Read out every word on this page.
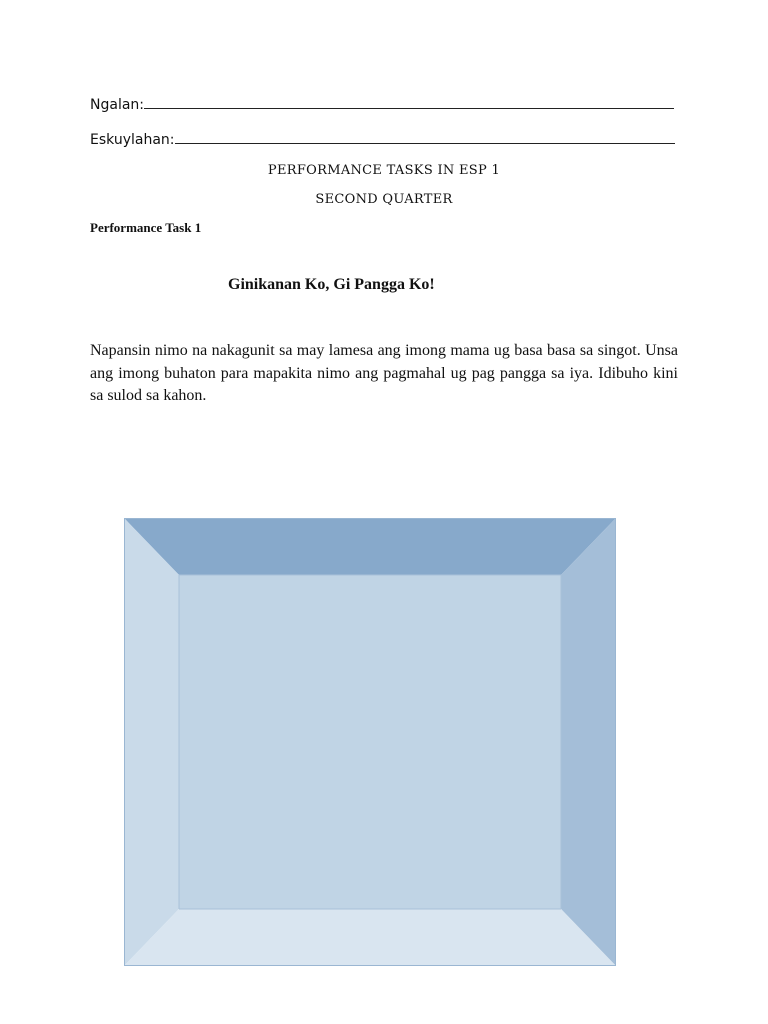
Ngalan:
Eskuylahan:
PERFORMANCE TASKS IN ESP 1
SECOND QUARTER
Performance Task 1
Ginikanan Ko, Gi Pangga Ko!

Napansin nimo na nakagunit sa may lamesa ang imong mama ug basa basa sa singot. Unsa ang imong buhaton para mapakita nimo ang pagmahal ug pag pangga sa iya. Idibuho kini sa sulod sa kahon.
